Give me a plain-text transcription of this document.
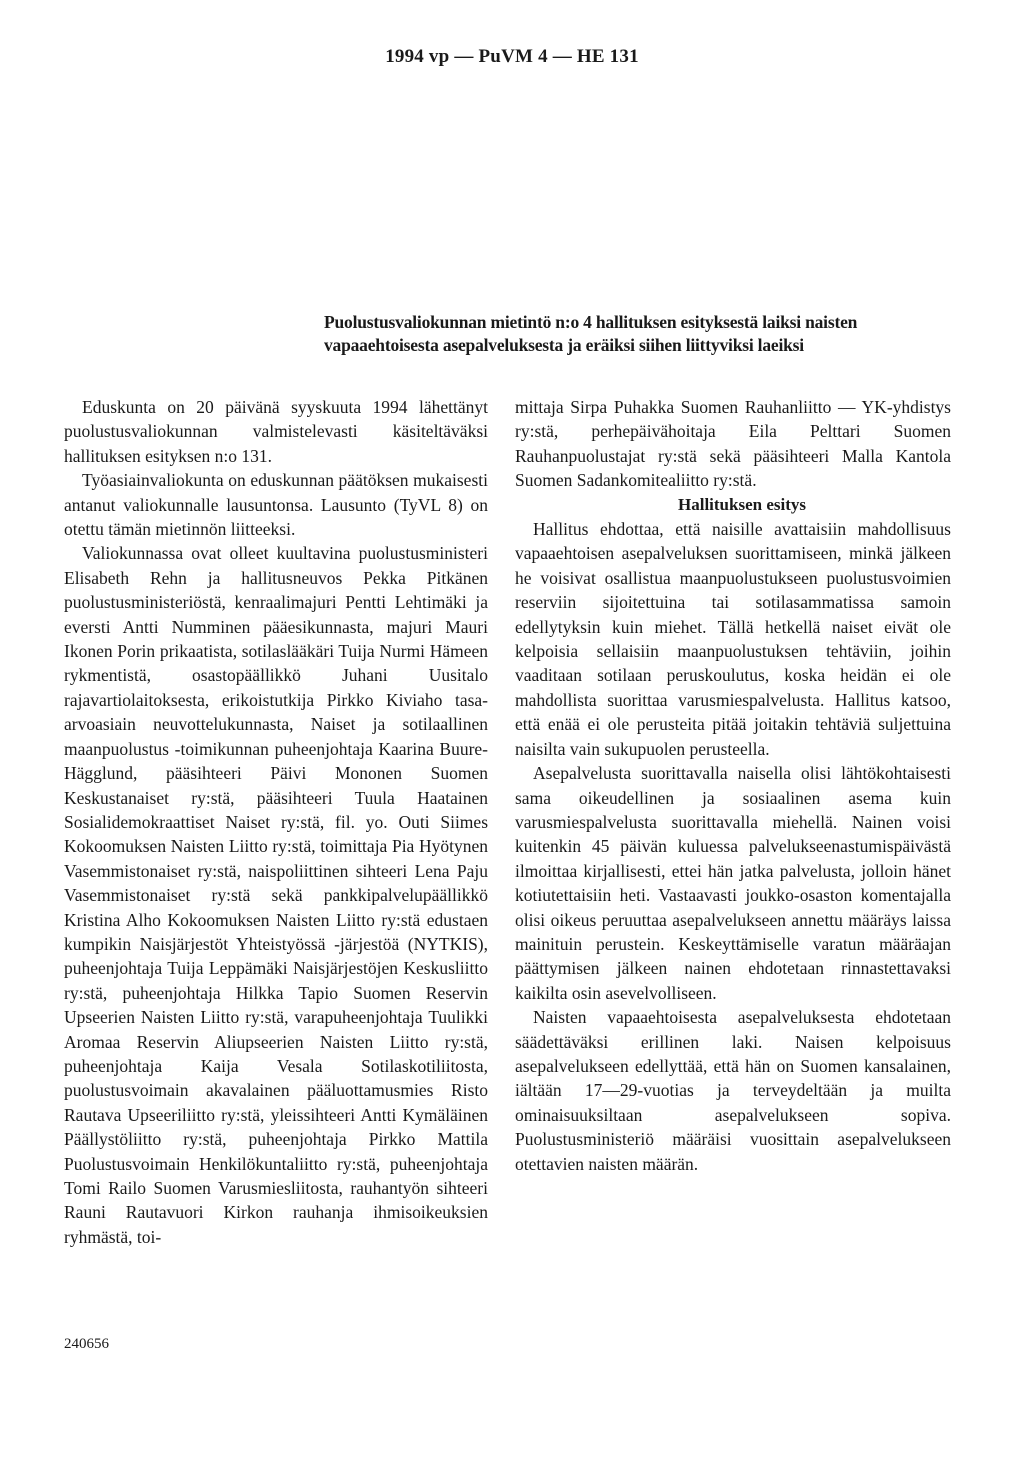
1994 vp — PuVM 4 — HE 131
Puolustusvaliokunnan mietintö n:o 4 hallituksen esityksestä laiksi naisten vapaaehtoisesta asepalveluksesta ja eräiksi siihen liittyviksi laeiksi

Eduskunta on 20 päivänä syyskuuta 1994 lähettänyt puolustusvaliokunnan valmistelevasti käsiteltäväksi hallituksen esityksen n:o 131.

Työasiainvaliokunta on eduskunnan päätöksen mukaisesti antanut valiokunnalle lausuntonsa. Lausunto (TyVL 8) on otettu tämän mietinnön liitteeksi.

Valiokunnassa ovat olleet kuultavina puolustusministeri Elisabeth Rehn ja hallitusneuvos Pekka Pitkänen puolustusministeriöstä, kenraalimajuri Pentti Lehtimäki ja eversti Antti Numminen pääesikunnasta, majuri Mauri Ikonen Porin prikaatista, sotilaslääkäri Tuija Nurmi Hämeen rykmentistä, osastopäällikkö Juhani Uusitalo rajavartiolaitoksesta, erikoistutkija Pirkko Kiviaho tasa-arvoasiain neuvottelukunnasta, Naiset ja sotilaallinen maanpuolustus -toimikunnan puheenjohtaja Kaarina Buure-Hägglund, pääsihteeri Päivi Mononen Suomen Keskustanaiset ry:stä, pääsihteeri Tuula Haatainen Sosialidemokraattiset Naiset ry:stä, fil. yo. Outi Siimes Kokoomuksen Naisten Liitto ry:stä, toimittaja Pia Hyötynen Vasemmistonaiset ry:stä, naispoliittinen sihteeri Lena Paju Vasemmistonaiset ry:stä sekä pankkipalvelupäällikkö Kristina Alho Kokoomuksen Naisten Liitto ry:stä edustaen kumpikin Naisjärjestöt Yhteistyössä -järjestöä (NYTKIS), puheenjohtaja Tuija Leppämäki Naisjärjestöjen Keskusliitto ry:stä, puheenjohtaja Hilkka Tapio Suomen Reservin Upseerien Naisten Liitto ry:stä, varapuheenjohtaja Tuulikki Aromaa Reservin Aliupseerien Naisten Liitto ry:stä, puheenjohtaja Kaija Vesala Sotilaskotiliitosta, puolustusvoimain akavalainen pääluottamusmies Risto Rautava Upseeriliitto ry:stä, yleissihteeri Antti Kymäläinen Päällystöliitto ry:stä, puheenjohtaja Pirkko Mattila Puolustusvoimain Henkilökuntaliitto ry:stä, puheenjohtaja Tomi Railo Suomen Varusmiesliitosta, rauhantyön sihteeri Rauni Rautavuori Kirkon rauhanja ihmisoikeuksien ryhmästä, toi-

mittaja Sirpa Puhakka Suomen Rauhanliitto — YK-yhdistys ry:stä, perhepäivähoitaja Eila Pelttari Suomen Rauhanpuolustajat ry:stä sekä pääsihteeri Malla Kantola Suomen Sadankomitealiitto ry:stä.

Hallituksen esitys

Hallitus ehdottaa, että naisille avattaisiin mahdollisuus vapaaehtoisen asepalveluksen suorittamiseen, minkä jälkeen he voisivat osallistua maanpuolustukseen puolustusvoimien reserviin sijoitettuina tai sotilasammatissa samoin edellytyksin kuin miehet. Tällä hetkellä naiset eivät ole kelpoisia sellaisiin maanpuolustuksen tehtäviin, joihin vaaditaan sotilaan peruskoulutus, koska heidän ei ole mahdollista suorittaa varusmiespalvelusta. Hallitus katsoo, että enää ei ole perusteita pitää joitakin tehtäviä suljettuina naisilta vain sukupuolen perusteella.

Asepalvelusta suorittavalla naisella olisi lähtökohtaisesti sama oikeudellinen ja sosiaalinen asema kuin varusmiespalvelusta suorittavalla miehellä. Nainen voisi kuitenkin 45 päivän kuluessa palvelukseenastumispäivästä ilmoittaa kirjallisesti, ettei hän jatka palvelusta, jolloin hänet kotiutettaisiin heti. Vastaavasti joukko-osaston komentajalla olisi oikeus peruuttaa asepalvelukseen annettu määräys laissa mainituin perustein. Keskeyttämiselle varatun määräajan päättymisen jälkeen nainen ehdotetaan rinnastettavaksi kaikilta osin asevelvolliseen.

Naisten vapaaehtoisesta asepalveluksesta ehdotetaan säädettäväksi erillinen laki. Naisen kelpoisuus asepalvelukseen edellyttää, että hän on Suomen kansalainen, iältään 17—29-vuotias ja terveydeltään ja muilta ominaisuuksiltaan asepalvelukseen sopiva. Puolustusministeriö määräisi vuosittain asepalvelukseen otettavien naisten määrän.

240656
